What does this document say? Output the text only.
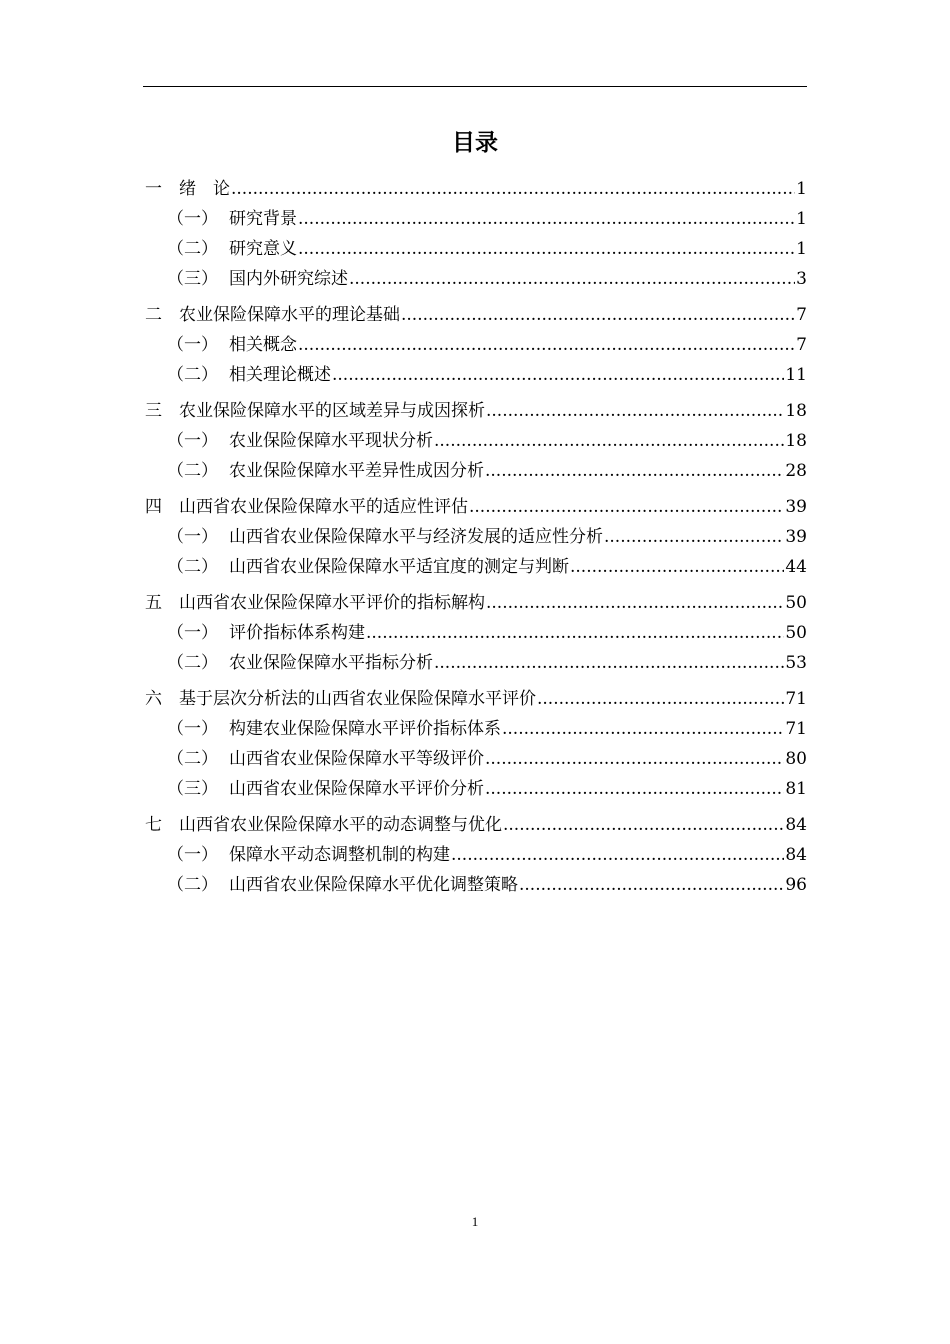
目录
一	绪　论 .....	1
（一） 研究背景 .....	1
（二） 研究意义 .....	1
（三） 国内外研究综述 .....	3
二	农业保险保障水平的理论基础 .....	7
（一） 相关概念 .....	7
（二） 相关理论概述 .....	11
三	农业保险保障水平的区域差异与成因探析 .....	18
（一） 农业保险保障水平现状分析 .....	18
（二） 农业保险保障水平差异性成因分析 .....	28
四	山西省农业保险保障水平的适应性评估 .....	39
（一） 山西省农业保险保障水平与经济发展的适应性分析 .....	39
（二） 山西省农业保险保障水平适宜度的测定与判断 .....	44
五	山西省农业保险保障水平评价的指标解构 .....	50
（一） 评价指标体系构建 .....	50
（二） 农业保险保障水平指标分析 .....	53
六	基于层次分析法的山西省农业保险保障水平评价 .....	71
（一） 构建农业保险保障水平评价指标体系 .....	71
（二） 山西省农业保险保障水平等级评价 .....	80
（三） 山西省农业保险保障水平评价分析 .....	81
七	山西省农业保险保障水平的动态调整与优化 .....	84
（一） 保障水平动态调整机制的构建 .....	84
（二） 山西省农业保险保障水平优化调整策略 .....	96
1
